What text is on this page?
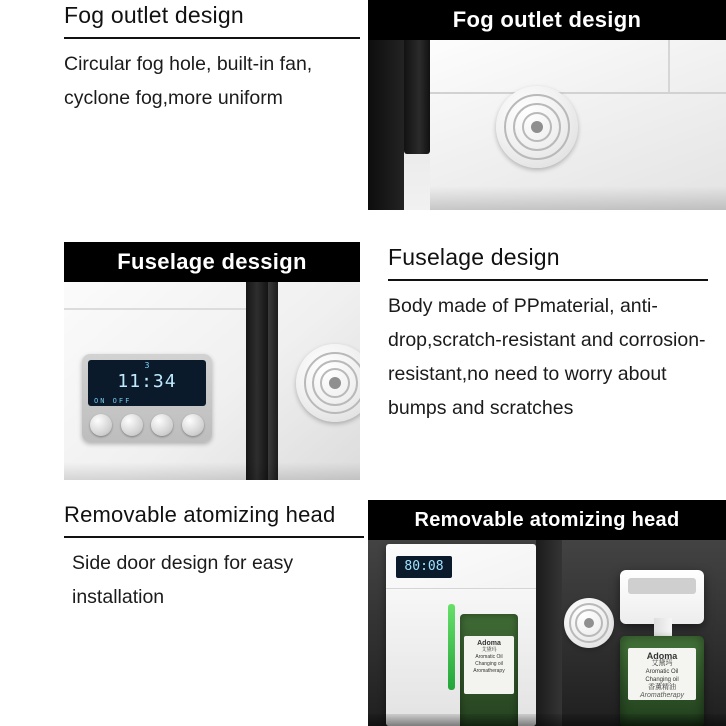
Fog outlet design
Circular fog hole, built-in fan, cyclone fog,more uniform
Fog outlet design
Fuselage dessign
3
11:34
ON OFF
Fuselage design
Body made of PPmaterial, anti-drop,scratch-resistant and corrosion-resistant,no need to worry about bumps and scratches
Removable atomizing head
Side door design for easy installation
Removable atomizing head
80:08
Adoma
艾黛玛
Aromatic Oil
Changing oil
Aromatherapy
Adoma
艾黛玛
Aromatic Oil
Changing oil
香薰精油
Aromatherapy
